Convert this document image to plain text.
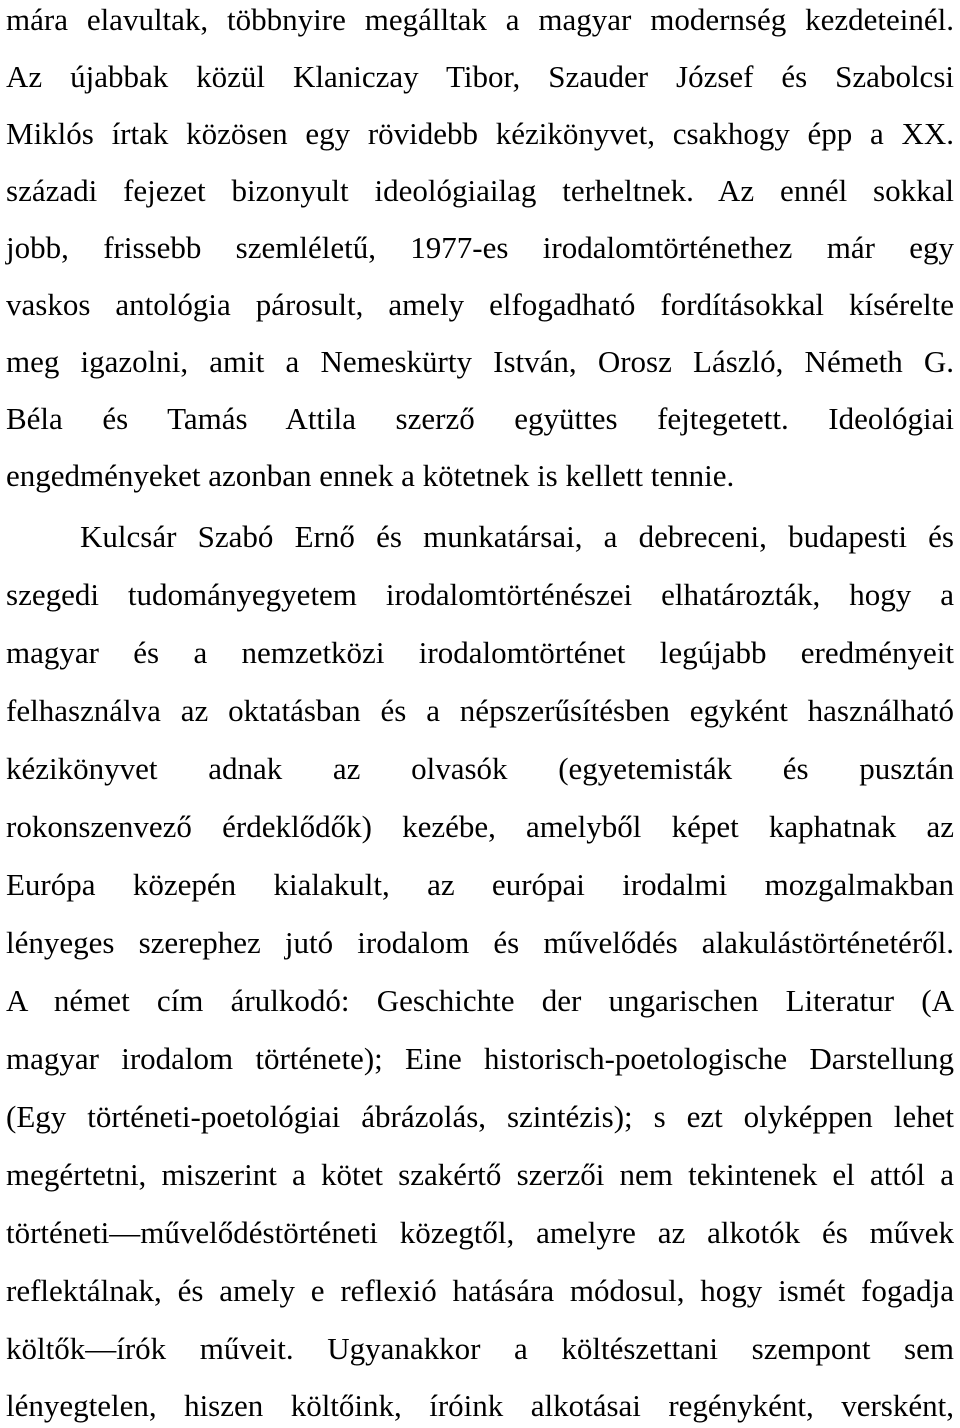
mára elavultak, többnyire megálltak a magyar modernség kezdeteinél.

Az újabbak közül Klaniczay Tibor, Szauder József és Szabolcsi

Miklós írtak közösen egy rövidebb kézikönyvet, csakhogy épp a XX.

századi fejezet bizonyult ideológiailag terheltnek. Az ennél sokkal

jobb, frissebb szemléletű, 1977-es irodalomtörténethez már egy

vaskos antológia párosult, amely elfogadható fordításokkal kísérelte

meg igazolni, amit a Nemeskürty István, Orosz László, Németh G.

Béla és Tamás Attila szerző együttes fejtegetett. Ideológiai

engedményeket azonban ennek a kötetnek is kellett tennie.

Kulcsár Szabó Ernő és munkatársai, a debreceni, budapesti és

szegedi tudományegyetem irodalomtörténészei elhatározták, hogy a

magyar és a nemzetközi irodalomtörténet legújabb eredményeit

felhasználva az oktatásban és a népszerűsítésben egyként használható

kézikönyvet adnak az olvasók (egyetemisták és pusztán

rokonszenvező érdeklődők) kezébe, amelyből képet kaphatnak az

Európa közepén kialakult, az európai irodalmi mozgalmakban

lényeges szerephez jutó irodalom és művelődés alakulástörténetéről.

A német cím árulkodó: Geschichte der ungarischen Literatur (A

magyar irodalom története); Eine historisch-poetologische Darstellung

(Egy történeti-poetológiai ábrázolás, szintézis); s ezt olyképpen lehet

megértetni, miszerint a kötet szakértő szerzői nem tekintenek el attól a

történeti—művelődéstörténeti közegtől, amelyre az alkotók és művek

reflektálnak, és amely e reflexió hatására módosul, hogy ismét fogadja

költők—írók műveit. Ugyanakkor a költészettani szempont sem

lényegtelen, hiszen költőink, íróink alkotásai regényként, versként,
